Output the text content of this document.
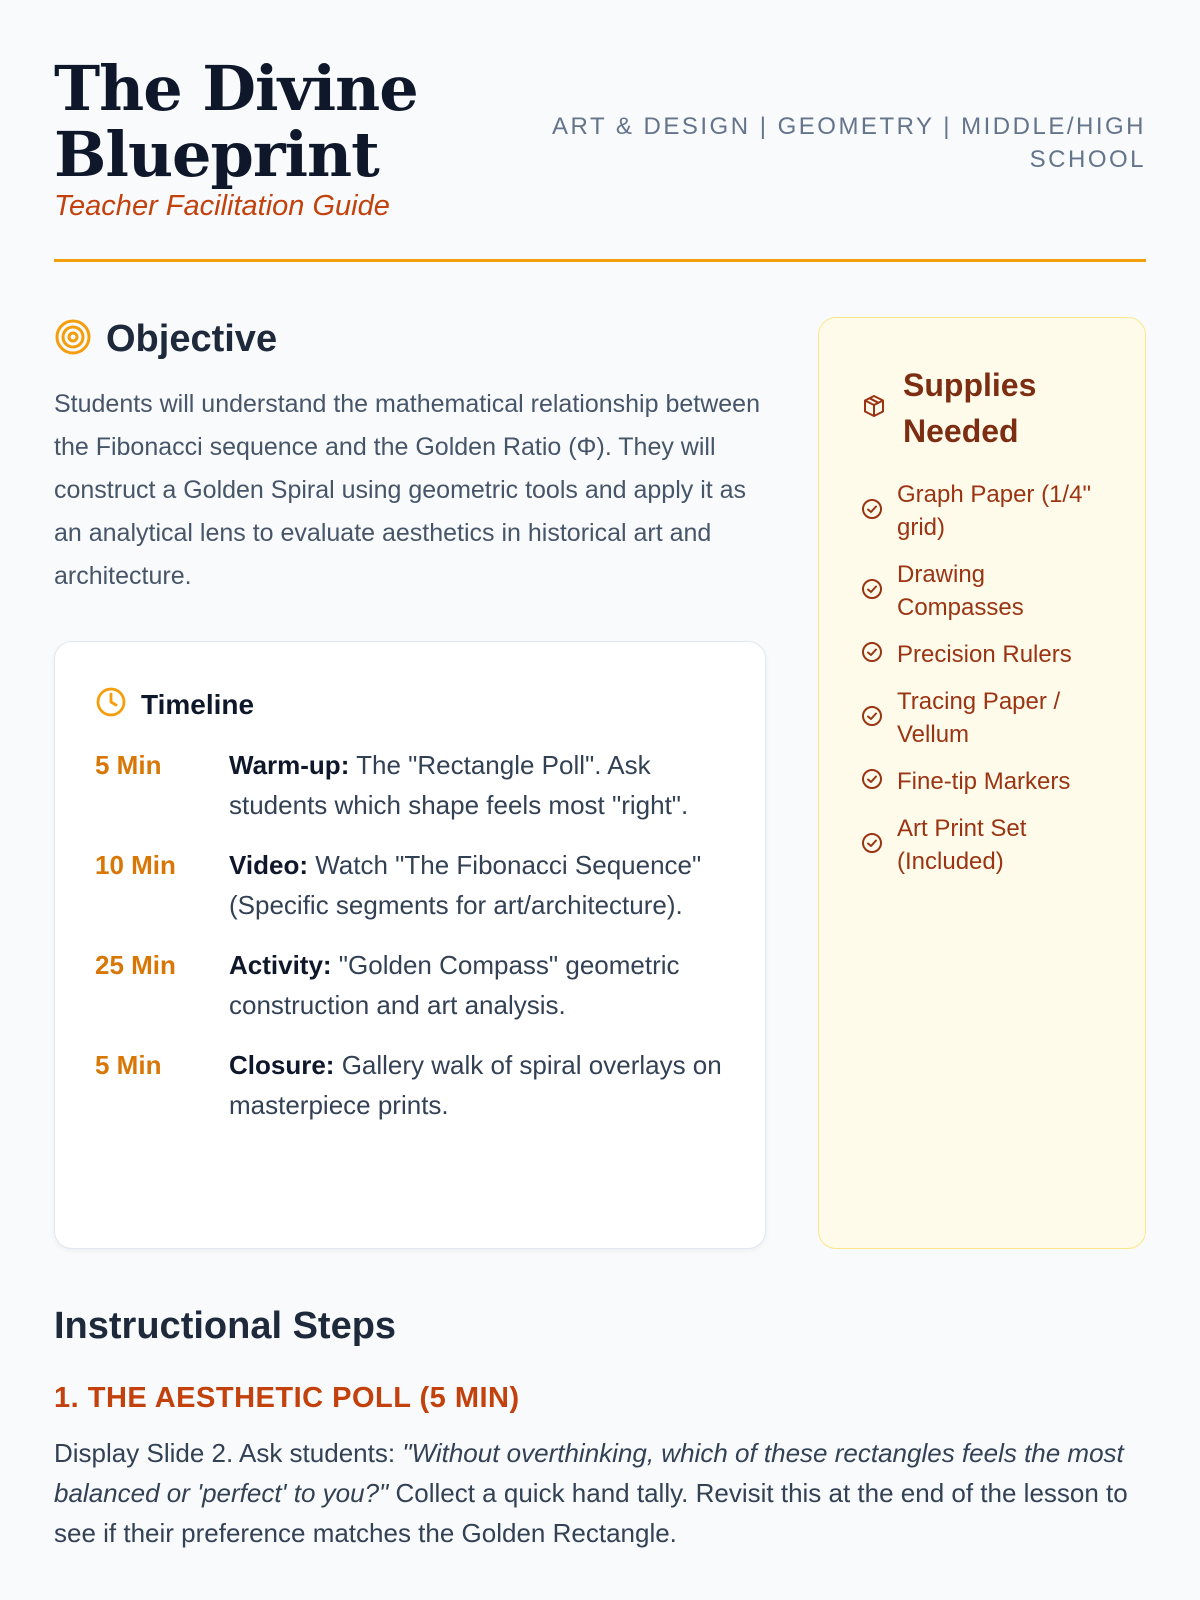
The Divine Blueprint
Teacher Facilitation Guide
ART & DESIGN | GEOMETRY | MIDDLE/HIGH SCHOOL
Objective

Students will understand the mathematical relationship between the Fibonacci sequence and the Golden Ratio (Φ). They will construct a Golden Spiral using geometric tools and apply it as an analytical lens to evaluate aesthetics in historical art and architecture.

Timeline
5 Min	Warm-up: The "Rectangle Poll". Ask students which shape feels most "right".
10 Min	Video: Watch "The Fibonacci Sequence" (Specific segments for art/architecture).
25 Min	Activity: "Golden Compass" geometric construction and art analysis.
5 Min	Closure: Gallery walk of spiral overlays on masterpiece prints.
Supplies Needed
Graph Paper (1/4" grid)
Drawing Compasses
Precision Rulers
Tracing Paper / Vellum
Fine-tip Markers
Art Print Set (Included)
Instructional Steps
1. THE AESTHETIC POLL (5 MIN)

Display Slide 2. Ask students: "Without overthinking, which of these rectangles feels the most balanced or 'perfect' to you?" Collect a quick hand tally. Revisit this at the end of the lesson to see if their preference matches the Golden Rectangle.
